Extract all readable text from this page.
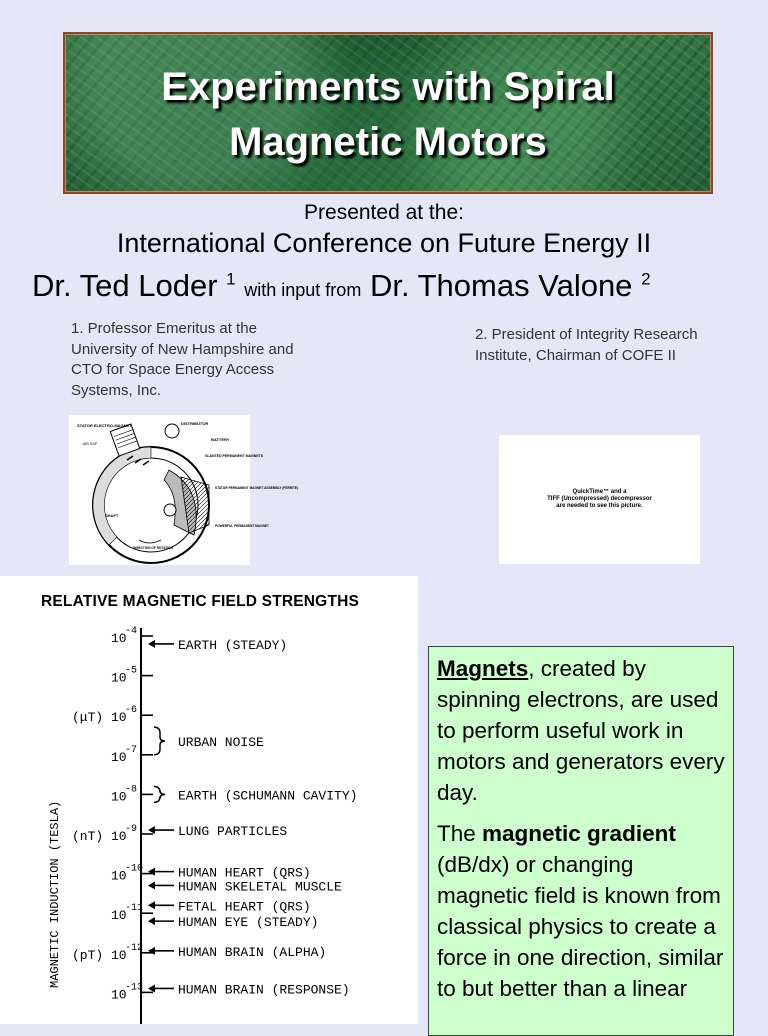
Experiments with Spiral
Magnetic Motors
Presented at the:
International Conference on Future Energy II
Dr. Ted Loder $^1$ with input from Dr. Thomas Valone $^2$
1. Professor Emeritus at the University of New Hampshire and CTO for Space Energy Access Systems, Inc.
2. President of Integrity Research Institute, Chairman of COFE II
STATOR ELECTRO-MAGNET	DISTRIBUTOR
BATTERY
SLANTED PERMANENT MAGNETS
STATOR PERMANENT MAGNET ASSEMBLY (FERRITE)
POWERFUL PERMANENT MAGNET
SHAFT
DIRECTION OF ROTATION
AIR GAP
QuickTime™ and a
TIFF (Uncompressed) decompressor
are needed to see this picture.
RELATIVE MAGNETIC FIELD STRENGTHS
10
-4
10
-5
10
-6
(μT)
10
-7
10
-8
10
-9
(nT)
10
-10
10
-11
10
-12
(pT)
10
-13
EARTH (STEADY)
URBAN NOISE
EARTH (SCHUMANN CAVITY)
LUNG PARTICLES
HUMAN HEART (QRS)
HUMAN SKELETAL MUSCLE
FETAL HEART (QRS)
HUMAN EYE (STEADY)
HUMAN BRAIN (ALPHA)
HUMAN BRAIN (RESPONSE)
MAGNETIC INDUCTION (TESLA)

Magnets, created by spinning electrons, are used to perform useful work in motors and generators every day.

The magnetic gradient (dB/dx) or changing magnetic field is known from classical physics to create a force in one direction, similar to but better than a linear
